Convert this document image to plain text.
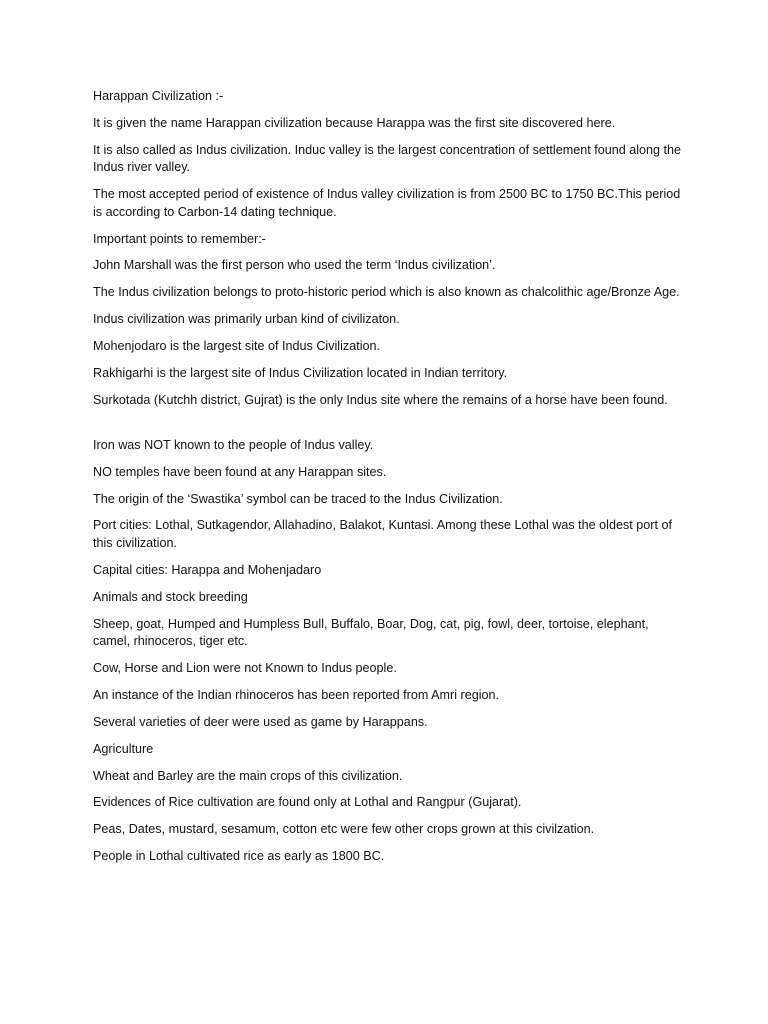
Harappan Civilization :-

It is given the name Harappan civilization because Harappa was the first site discovered here.

It is also called as Indus civilization. Induc valley is the largest concentration of settlement found along the Indus river valley.

The most accepted period of existence of Indus valley civilization is from 2500 BC to 1750 BC.This period is according to Carbon-14 dating technique.

Important points to remember:-

John Marshall was the first person who used the term ‘Indus civilization’.

The Indus civilization belongs to proto-historic period which is also known as chalcolithic age/Bronze Age.

Indus civilization was primarily urban kind of civilizaton.

Mohenjodaro is the largest site of Indus Civilization.

Rakhigarhi is the largest site of Indus Civilization located in Indian territory.

Surkotada (Kutchh district, Gujrat) is the only Indus site where the remains of a horse have been found.

Iron was NOT known to the people of Indus valley.

NO temples have been found at any Harappan sites.

The origin of the ‘Swastika’ symbol can be traced to the Indus Civilization.

Port cities: Lothal, Sutkagendor, Allahadino, Balakot, Kuntasi. Among these Lothal was the oldest port of this civilization.

Capital cities: Harappa and Mohenjadaro

Animals and stock breeding

Sheep, goat, Humped and Humpless Bull, Buffalo, Boar, Dog, cat, pig, fowl, deer, tortoise, elephant, camel, rhinoceros, tiger etc.

Cow, Horse and Lion were not Known to Indus people.

An instance of the Indian rhinoceros has been reported from Amri region.

Several varieties of deer were used as game by Harappans.

Agriculture

Wheat and Barley are the main crops of this civilization.

Evidences of Rice cultivation are found only at Lothal and Rangpur (Gujarat).

Peas, Dates, mustard, sesamum, cotton etc were few other crops grown at this civilzation.

People in Lothal cultivated rice as early as 1800 BC.
